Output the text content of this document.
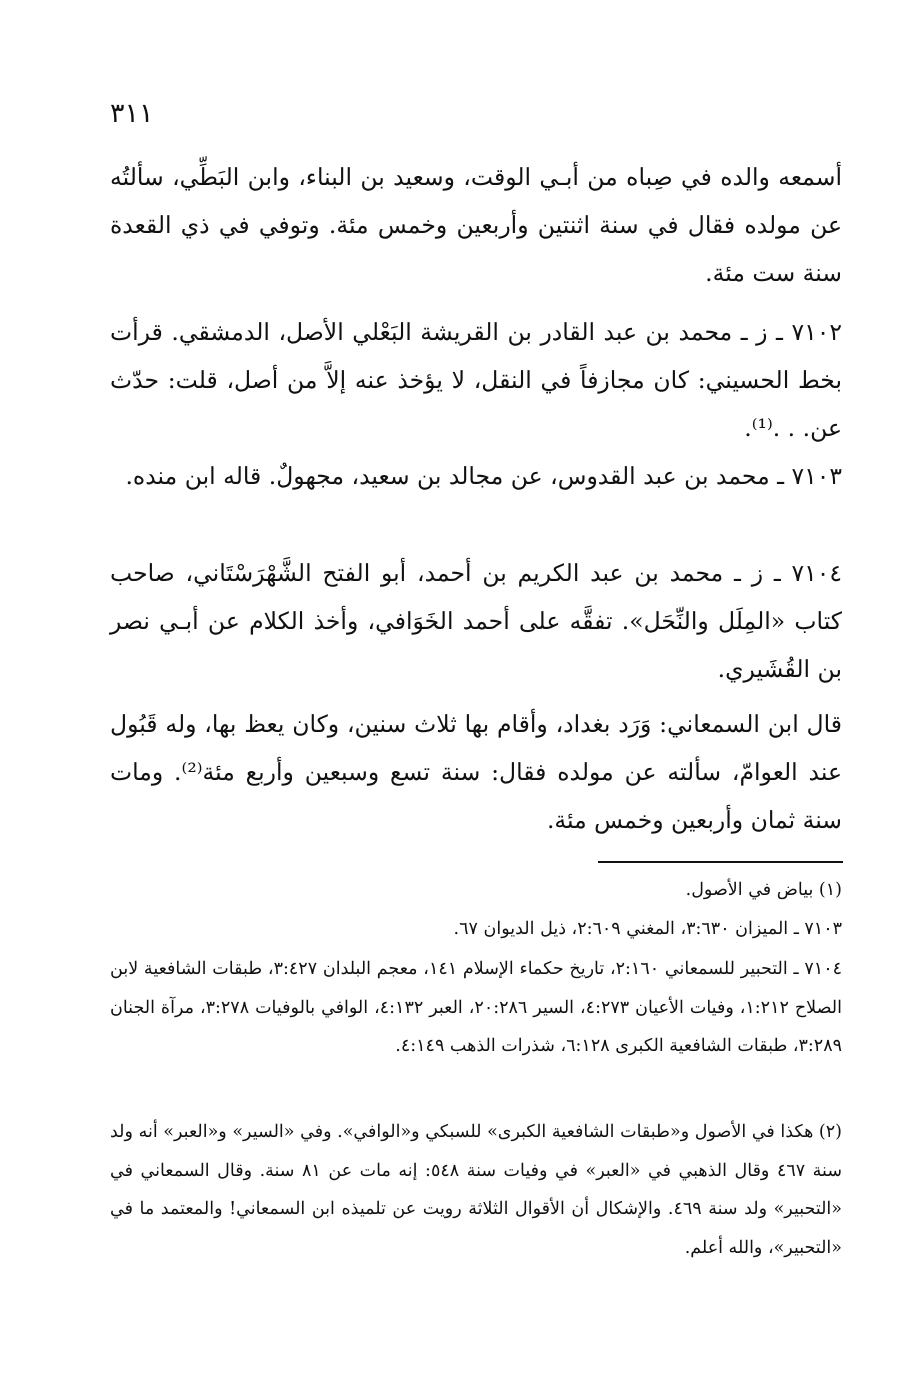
٣١١

أسمعه والده في صِباه من أبـي الوقت، وسعيد بن البناء، وابن البَطِّي، سألتُه عن مولده فقال في سنة اثنتين وأربعين وخمس مئة. وتوفي في ذي القعدة سنة ست مئة.

٧١٠٢ ـ ز ـ محمد بن عبد القادر بن القريشة البَعْلي الأصل، الدمشقي. قرأت بخط الحسيني: كان مجازفاً في النقل، لا يؤخذ عنه إلاَّ من أصل، قلت: حدّث عن. . .⁽¹⁾.

٧١٠٣ ـ محمد بن عبد القدوس، عن مجالد بن سعيد، مجهولٌ. قاله ابن منده.

٧١٠٤ ـ ز ـ محمد بن عبد الكريم بن أحمد، أبو الفتح الشَّهْرَسْتَاني، صاحب كتاب «المِلَل والنِّحَل». تفقَّه على أحمد الخَوَافي، وأخذ الكلام عن أبـي نصر بن القُشَيري.

قال ابن السمعاني: وَرَد بغداد، وأقام بها ثلاث سنين، وكان يعظ بها، وله قَبُول عند العوامّ، سألته عن مولده فقال: سنة تسع وسبعين وأربع مئة⁽²⁾. ومات سنة ثمان وأربعين وخمس مئة.

(١) بياض في الأصول.

٧١٠٣ ـ الميزان ٣:٦٣٠، المغني ٢:٦٠٩، ذيل الديوان ٦٧.

٧١٠٤ ـ التحبير للسمعاني ٢:١٦٠، تاريخ حكماء الإسلام ١٤١، معجم البلدان ٣:٤٢٧، طبقات الشافعية لابن الصلاح ١:٢١٢، وفيات الأعيان ٤:٢٧٣، السير ٢٠:٢٨٦، العبر ٤:١٣٢، الوافي بالوفيات ٣:٢٧٨، مرآة الجنان ٣:٢٨٩، طبقات الشافعية الكبرى ٦:١٢٨، شذرات الذهب ٤:١٤٩.

(٢) هكذا في الأصول و«طبقات الشافعية الكبرى» للسبكي و«الوافي». وفي «السير» و«العبر» أنه ولد سنة ٤٦٧ وقال الذهبي في «العبر» في وفيات سنة ٥٤٨: إنه مات عن ٨١ سنة. وقال السمعاني في «التحبير» ولد سنة ٤٦٩. والإشكال أن الأقوال الثلاثة رويت عن تلميذه ابن السمعاني! والمعتمد ما في «التحبير»، والله أعلم.
